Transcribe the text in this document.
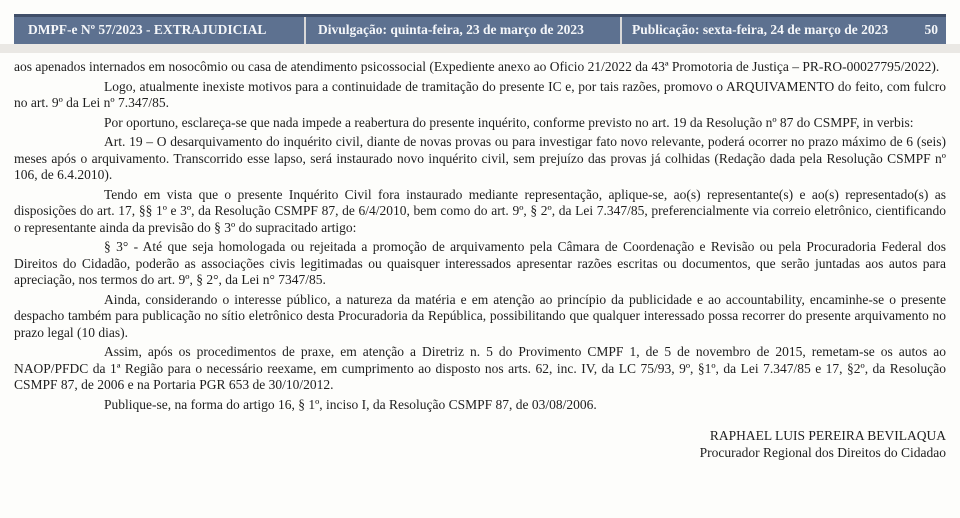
DMPF-e Nº 57/2023 - EXTRAJUDICIAL	Divulgação: quinta-feira, 23 de março de 2023	Publicação: sexta-feira, 24 de março de 2023	50

aos apenados internados em nosocômio ou casa de atendimento psicossocial (Expediente anexo ao Oficio 21/2022 da 43ª Promotoria de Justiça – PR-RO-00027795/2022).

Logo, atualmente inexiste motivos para a continuidade de tramitação do presente IC e, por tais razões, promovo o ARQUIVAMENTO do feito, com fulcro no art. 9º da Lei nº 7.347/85.

Por oportuno, esclareça-se que nada impede a reabertura do presente inquérito, conforme previsto no art. 19 da Resolução nº 87 do CSMPF, in verbis:

Art. 19 – O desarquivamento do inquérito civil, diante de novas provas ou para investigar fato novo relevante, poderá ocorrer no prazo máximo de 6 (seis) meses após o arquivamento. Transcorrido esse lapso, será instaurado novo inquérito civil, sem prejuízo das provas já colhidas (Redação dada pela Resolução CSMPF nº 106, de 6.4.2010).

Tendo em vista que o presente Inquérito Civil fora instaurado mediante representação, aplique-se, ao(s) representante(s) e ao(s) representado(s) as disposições do art. 17, §§ 1º e 3º, da Resolução CSMPF 87, de 6/4/2010, bem como do art. 9º, § 2º, da Lei 7.347/85, preferencialmente via correio eletrônico, cientificando o representante ainda da previsão do § 3º do supracitado artigo:

§ 3° - Até que seja homologada ou rejeitada a promoção de arquivamento pela Câmara de Coordenação e Revisão ou pela Procuradoria Federal dos Direitos do Cidadão, poderão as associações civis legitimadas ou quaisquer interessados apresentar razões escritas ou documentos, que serão juntadas aos autos para apreciação, nos termos do art. 9º, § 2°, da Lei n° 7347/85.

Ainda, considerando o interesse público, a natureza da matéria e em atenção ao princípio da publicidade e ao accountability, encaminhe-se o presente despacho também para publicação no sítio eletrônico desta Procuradoria da República, possibilitando que qualquer interessado possa recorrer do presente arquivamento no prazo legal (10 dias).

Assim, após os procedimentos de praxe, em atenção a Diretriz n. 5 do Provimento CMPF 1, de 5 de novembro de 2015, remetam-se os autos ao NAOP/PFDC da 1ª Região para o necessário reexame, em cumprimento ao disposto nos arts. 62, inc. IV, da LC 75/93, 9º, §1º, da Lei 7.347/85 e 17, §2º, da Resolução CSMPF 87, de 2006 e na Portaria PGR 653 de 30/10/2012.

Publique-se, na forma do artigo 16, § 1º, inciso I, da Resolução CSMPF 87, de 03/08/2006.

RAPHAEL LUIS PEREIRA BEVILAQUA

Procurador Regional dos Direitos do Cidadao
